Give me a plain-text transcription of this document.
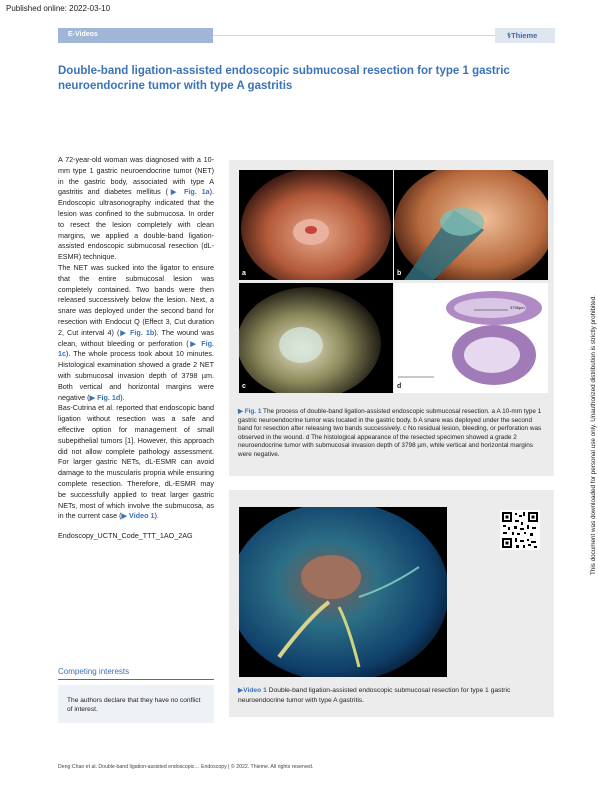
Published online: 2022-03-10
E-Videos	⚕Thieme
Double-band ligation-assisted endoscopic submucosal resection for type 1 gastric neuroendocrine tumor with type A gastritis

A 72-year-old woman was diagnosed with a 10-mm type 1 gastric neuroendocrine tumor (NET) in the gastric body, associated with type A gastritis and diabetes mellitus (▶ Fig. 1a). Endoscopic ultrasonography indicated that the lesion was confined to the submucosa. In order to resect the lesion completely with clean margins, we applied a double-band ligation-assisted endoscopic submucosal resection (dL-ESMR) technique.

The NET was sucked into the ligator to ensure that the entire submucosal lesion was completely contained. Two bands were then released successively below the lesion. Next, a snare was deployed under the second band for resection with Endocut Q (Effect 3, Cut duration 2, Cut interval 4) (▶ Fig. 1b). The wound was clean, without bleeding or perforation (▶ Fig. 1c). The whole process took about 10 minutes. Histological examination showed a grade 2 NET with submucosal invasion depth of 3798 µm. Both vertical and horizontal margins were negative (▶ Fig. 1d).

Bas-Cutrina et al. reported that endoscopic band ligation without resection was a safe and effective option for management of small subepithelial tumors [1]. However, this approach did not allow complete pathology assessment. For larger gastric NETs, dL-ESMR can avoid damage to the muscularis propria while ensuring complete resection. Therefore, dL-ESMR may be successfully applied to treat larger gastric NETs, most of which involve the submucosa, as in the current case (▶ Video 1).

Endoscopy_UCTN_Code_TTT_1AO_2AG

Competing interests
The authors declare that they have no conflict of interest.
a	b
c
3798μm
d
▶ Fig. 1 The process of double-band ligation-assisted endoscopic submucosal resection. a A 10-mm type 1 gastric neuroendocrine tumor was located in the gastric body. b A snare was deployed under the second band for resection after releasing two bands successively. c No residual lesion, bleeding, or perforation was observed in the wound. d The histological appearance of the resected specimen showed a grade 2 neuroendocrine tumor with submucosal invasion depth of 3798 µm, while vertical and horizontal margins were negative.
▶Video 1 Double-band ligation-assisted endoscopic submucosal resection for type 1 gastric neuroendocrine tumor with type A gastritis.
Deng Chao et al. Double-band ligation-assisted endoscopic… Endoscopy | © 2022. Thieme. All rights reserved.
This document was downloaded for personal use only. Unauthorized distribution is strictly prohibited.
